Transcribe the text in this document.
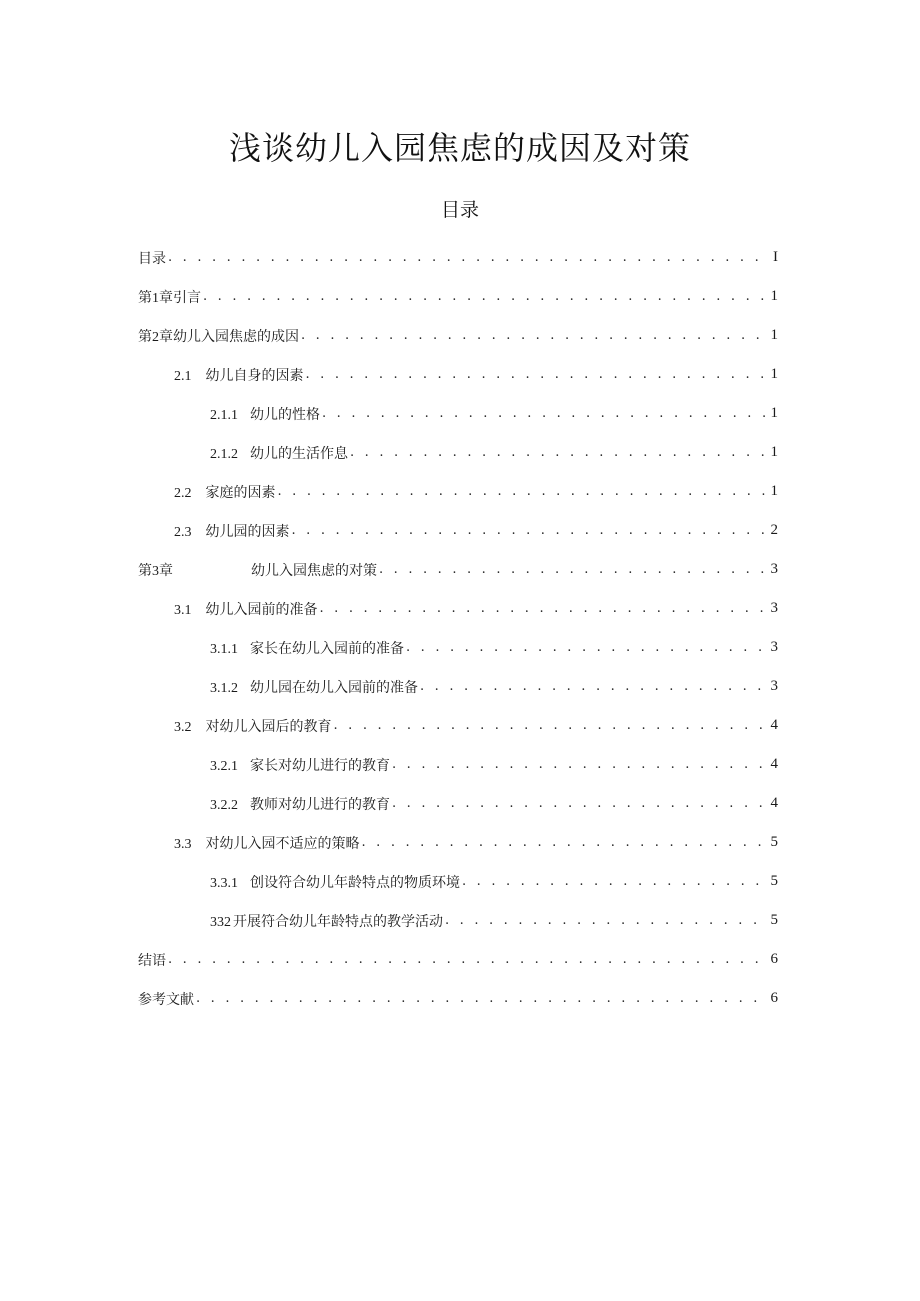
浅谈幼儿入园焦虑的成因及对策
目录
目录 . . .	I
第1章引言 . . .	1
第2章幼儿入园焦虑的成因 . . .	1
2.1 幼儿自身的因素 . . .	1
2.1.1 幼儿的性格 . . .	1
2.1.2 幼儿的生活作息 . . .	1
2.2 家庭的因素 . . .	1
2.3 幼儿园的因素 . . .	2
第3章	幼儿入园焦虑的对策 . . .	3
3.1 幼儿入园前的准备 . . .	3
3.1.1 家长在幼儿入园前的准备 . . .	3
3.1.2 幼儿园在幼儿入园前的准备 . . .	3
3.2 对幼儿入园后的教育 . . .	4
3.2.1 家长对幼儿进行的教育 . . .	4
3.2.2 教师对幼儿进行的教育 . . .	4
3.3 对幼儿入园不适应的策略 . . .	5
3.3.1 创设符合幼儿年龄特点的物质环境 . . .	5
332 开展符合幼儿年龄特点的教学活动 . . .	5
结语 . . .	6
参考文献 . . .	6
